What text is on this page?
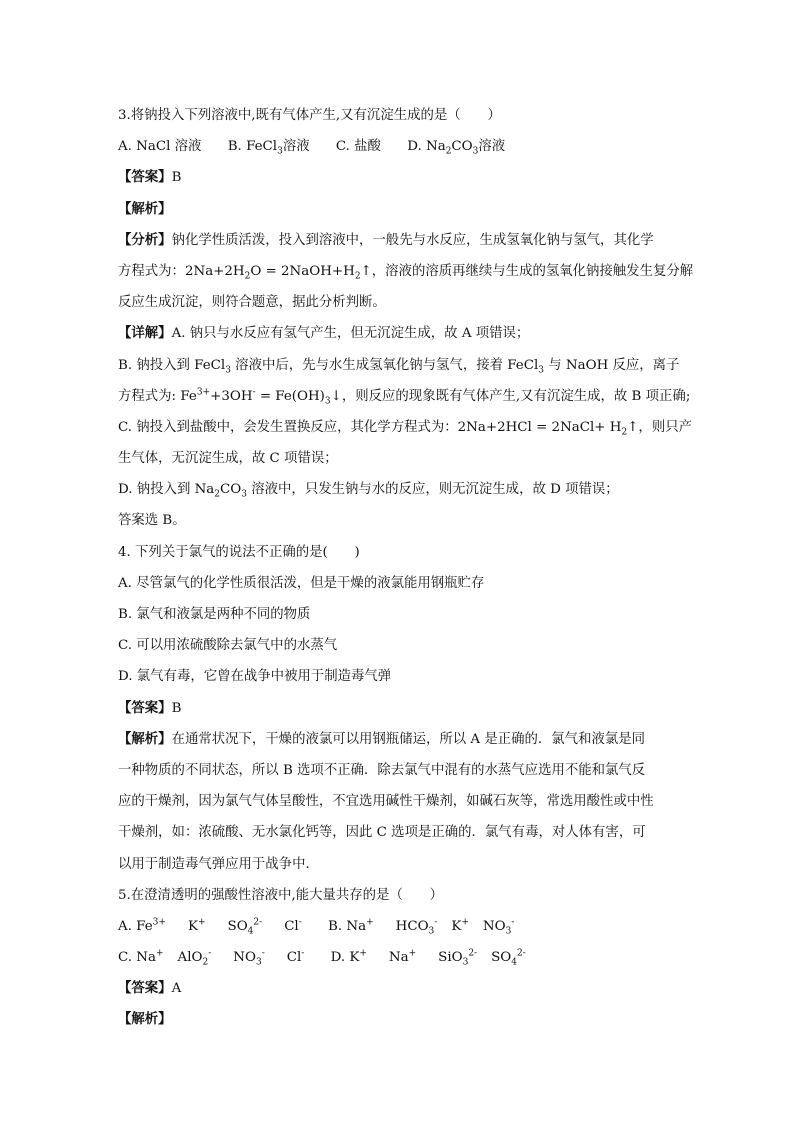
3.将钠投入下列溶液中,既有气体产生,又有沉淀生成的是（　　）
A. NaCl 溶液 B. FeCl$_3$溶液 C. 盐酸 D. $Na_2CO_3$溶液
【答案】B
【解析】
【分析】钠化学性质活泼，投入到溶液中，一般先与水反应，生成氢氧化钠与氢气，其化学
方程式为：$2Na+2H_2O$ = $2NaOH+H_2↑$，溶液的溶质再继续与生成的氢氧化钠接触发生复分解
反应生成沉淀，则符合题意，据此分析判断。
【详解】A. 钠只与水反应有氢气产生，但无沉淀生成，故 A 项错误；
B. 钠投入到 FeCl$_3$ 溶液中后，先与水生成氢氧化钠与氢气，接着 FeCl$_3$ 与 NaOH 反应，离子
方程式为: $Fe^{3+}+3OH^-$ = $Fe(OH)_3↓$，则反应的现象既有气体产生,又有沉淀生成，故 B 项正确;
C. 钠投入到盐酸中，会发生置换反应，其化学方程式为：2Na+2HCl = 2NaCl+ $H_2↑$，则只产
生气体，无沉淀生成，故 C 项错误；
D. 钠投入到 $Na_2CO_3$ 溶液中，只发生钠与水的反应，则无沉淀生成，故 D 项错误；
答案选 B。
4. 下列关于氯气的说法不正确的是(　　)
A. 尽管氯气的化学性质很活泼，但是干燥的液氯能用钢瓶贮存
B. 氯气和液氯是两种不同的物质
C. 可以用浓硫酸除去氯气中的水蒸气
D. 氯气有毒，它曾在战争中被用于制造毒气弹
【答案】B
【解析】在通常状况下，干燥的液氯可以用钢瓶储运，所以 A 是正确的．氯气和液氯是同
一种物质的不同状态，所以 B 选项不正确．除去氯气中混有的水蒸气应选用不能和氯气反
应的干燥剂，因为氯气气体呈酸性，不宜选用碱性干燥剂，如碱石灰等，常选用酸性或中性
干燥剂，如：浓硫酸、无水氯化钙等，因此 C 选项是正确的．氯气有毒，对人体有害，可
以用于制造毒气弹应用于战争中．
5.在澄清透明的强酸性溶液中,能大量共存的是（　　）
A. $Fe^{3+}$ K+ $SO_4^{2-}$ Cl- B. Na+ $HCO_3^-$ K+ $NO_3^-$
C. Na+ AlO$_2$- $NO_3^-$ Cl- D. K+ Na+ SiO$_3^{2-}$ $SO_4^{2-}$
【答案】A
【解析】
